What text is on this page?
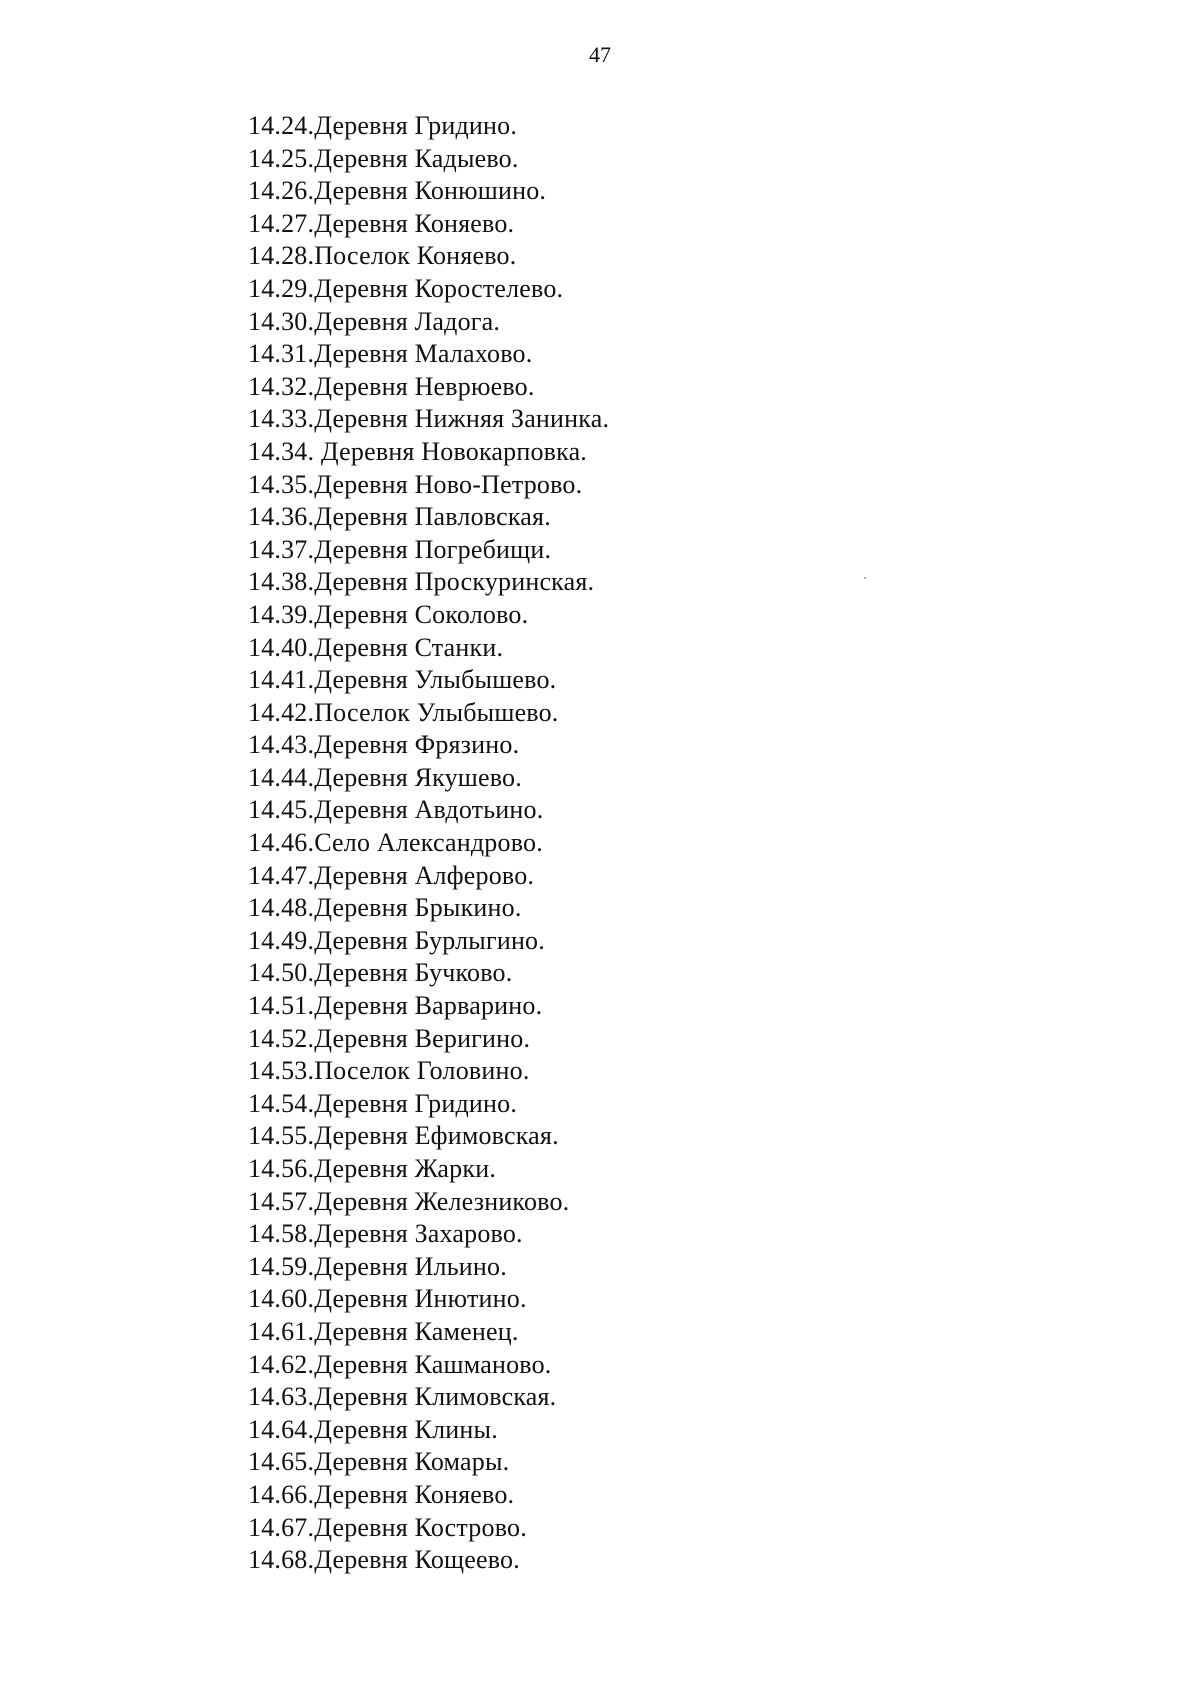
47
14.24.Деревня Гридино.
14.25.Деревня Кадыево.
14.26.Деревня Конюшино.
14.27.Деревня Коняево.
14.28.Поселок Коняево.
14.29.Деревня Коростелево.
14.30.Деревня Ладога.
14.31.Деревня Малахово.
14.32.Деревня Неврюево.
14.33.Деревня Нижняя Занинка.
14.34. Деревня Новокарповка.
14.35.Деревня Ново-Петрово.
14.36.Деревня Павловская.
14.37.Деревня Погребищи.
14.38.Деревня Проскуринская.
14.39.Деревня Соколово.
14.40.Деревня Станки.
14.41.Деревня Улыбышево.
14.42.Поселок Улыбышево.
14.43.Деревня Фрязино.
14.44.Деревня Якушево.
14.45.Деревня Авдотьино.
14.46.Село Александрово.
14.47.Деревня Алферово.
14.48.Деревня Брыкино.
14.49.Деревня Бурлыгино.
14.50.Деревня Бучково.
14.51.Деревня Варварино.
14.52.Деревня Веригино.
14.53.Поселок Головино.
14.54.Деревня Гридино.
14.55.Деревня Ефимовская.
14.56.Деревня Жарки.
14.57.Деревня Железниково.
14.58.Деревня Захарово.
14.59.Деревня Ильино.
14.60.Деревня Инютино.
14.61.Деревня Каменец.
14.62.Деревня Кашманово.
14.63.Деревня Климовская.
14.64.Деревня Клины.
14.65.Деревня Комары.
14.66.Деревня Коняево.
14.67.Деревня Кострово.
14.68.Деревня Кощеево.
